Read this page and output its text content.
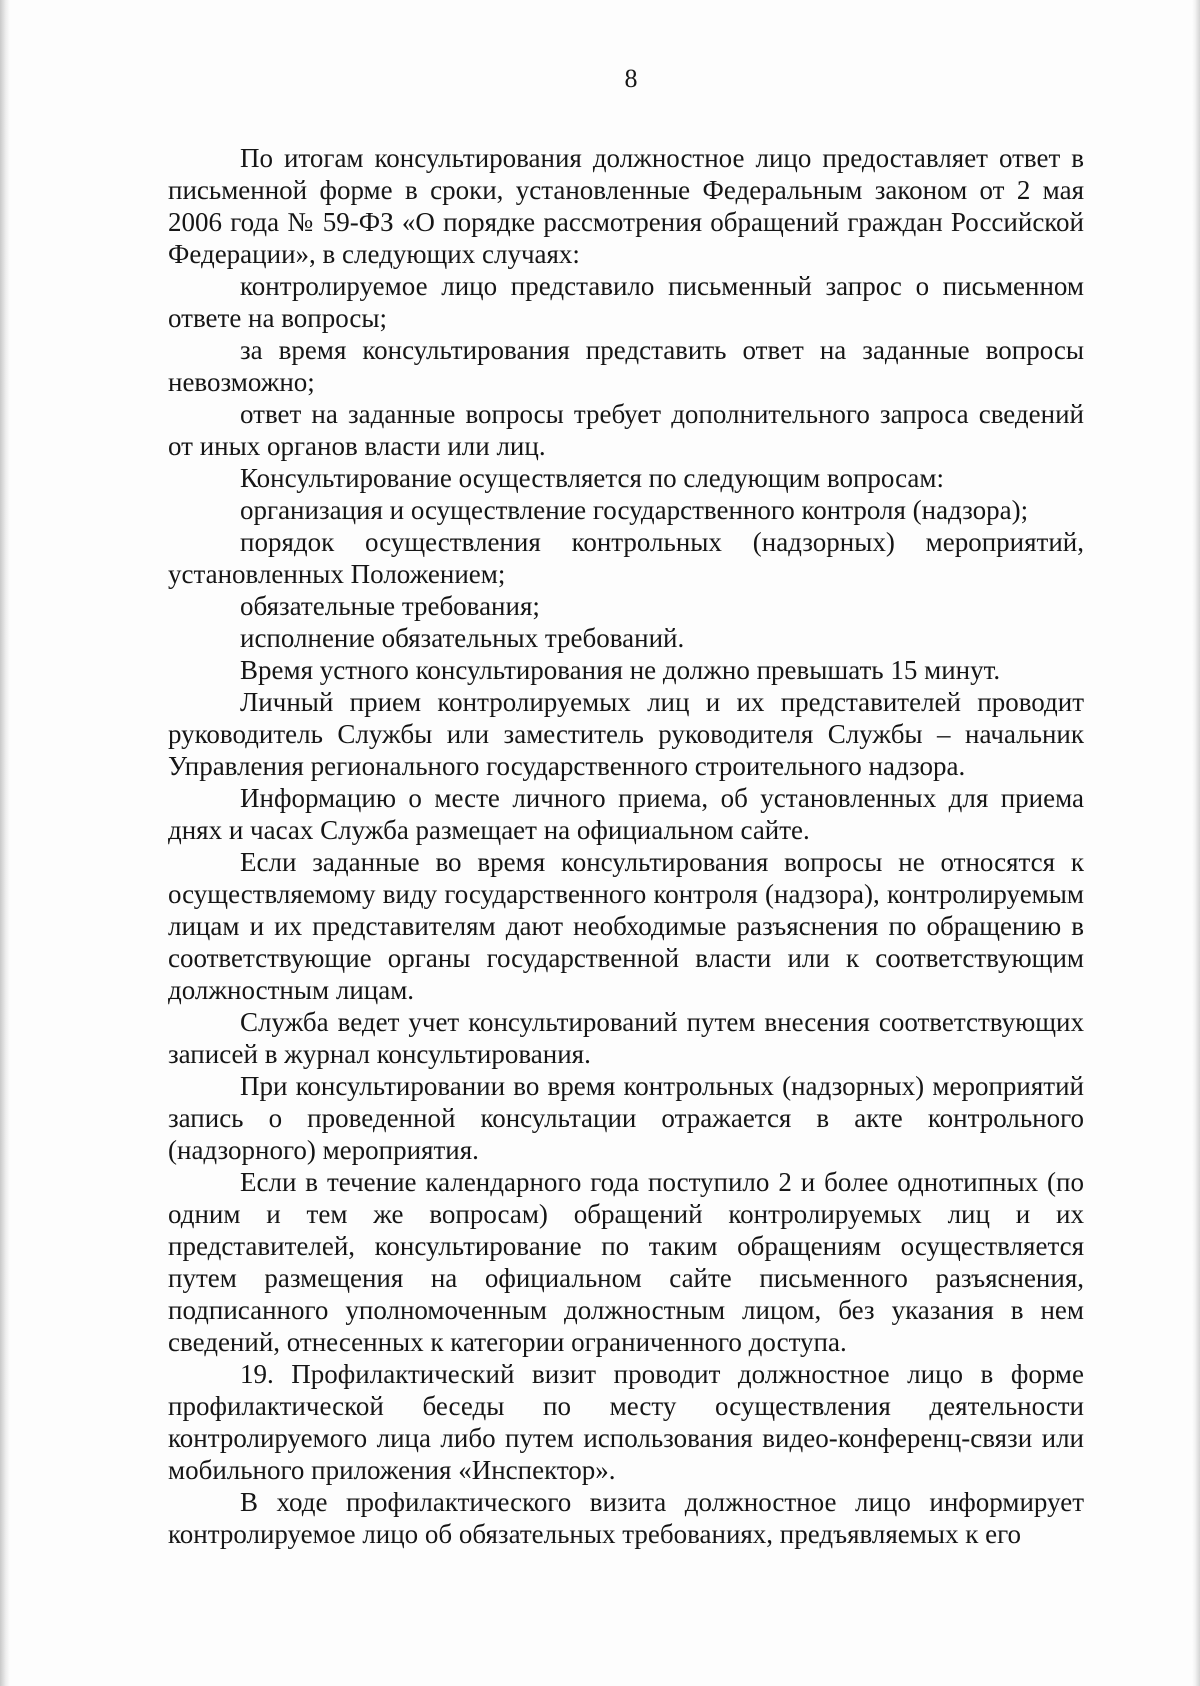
8

По итогам консультирования должностное лицо предоставляет ответ в письменной форме в сроки, установленные Федеральным законом от 2 мая 2006 года № 59-ФЗ «О порядке рассмотрения обращений граждан Российской Федерации», в следующих случаях:

контролируемое лицо представило письменный запрос о письменном ответе на вопросы;

за время консультирования представить ответ на заданные вопросы невозможно;

ответ на заданные вопросы требует дополнительного запроса сведений от иных органов власти или лиц.

Консультирование осуществляется по следующим вопросам:

организация и осуществление государственного контроля (надзора);

порядок осуществления контрольных (надзорных) мероприятий, установленных Положением;

обязательные требования;

исполнение обязательных требований.

Время устного консультирования не должно превышать 15 минут.

Личный прием контролируемых лиц и их представителей проводит руководитель Службы или заместитель руководителя Службы – начальник Управления регионального государственного строительного надзора.

Информацию о месте личного приема, об установленных для приема днях и часах Служба размещает на официальном сайте.

Если заданные во время консультирования вопросы не относятся к осуществляемому виду государственного контроля (надзора), контролируемым лицам и их представителям дают необходимые разъяснения по обращению в соответствующие органы государственной власти или к соответствующим должностным лицам.

Служба ведет учет консультирований путем внесения соответствующих записей в журнал консультирования.

При консультировании во время контрольных (надзорных) мероприятий запись о проведенной консультации отражается в акте контрольного (надзорного) мероприятия.

Если в течение календарного года поступило 2 и более однотипных (по одним и тем же вопросам) обращений контролируемых лиц и их представителей, консультирование по таким обращениям осуществляется путем размещения на официальном сайте письменного разъяснения, подписанного уполномоченным должностным лицом, без указания в нем сведений, отнесенных к категории ограниченного доступа.

19. Профилактический визит проводит должностное лицо в форме профилактической беседы по месту осуществления деятельности контролируемого лица либо путем использования видео-конференц-связи или мобильного приложения «Инспектор».

В ходе профилактического визита должностное лицо информирует контролируемое лицо об обязательных требованиях, предъявляемых к его
